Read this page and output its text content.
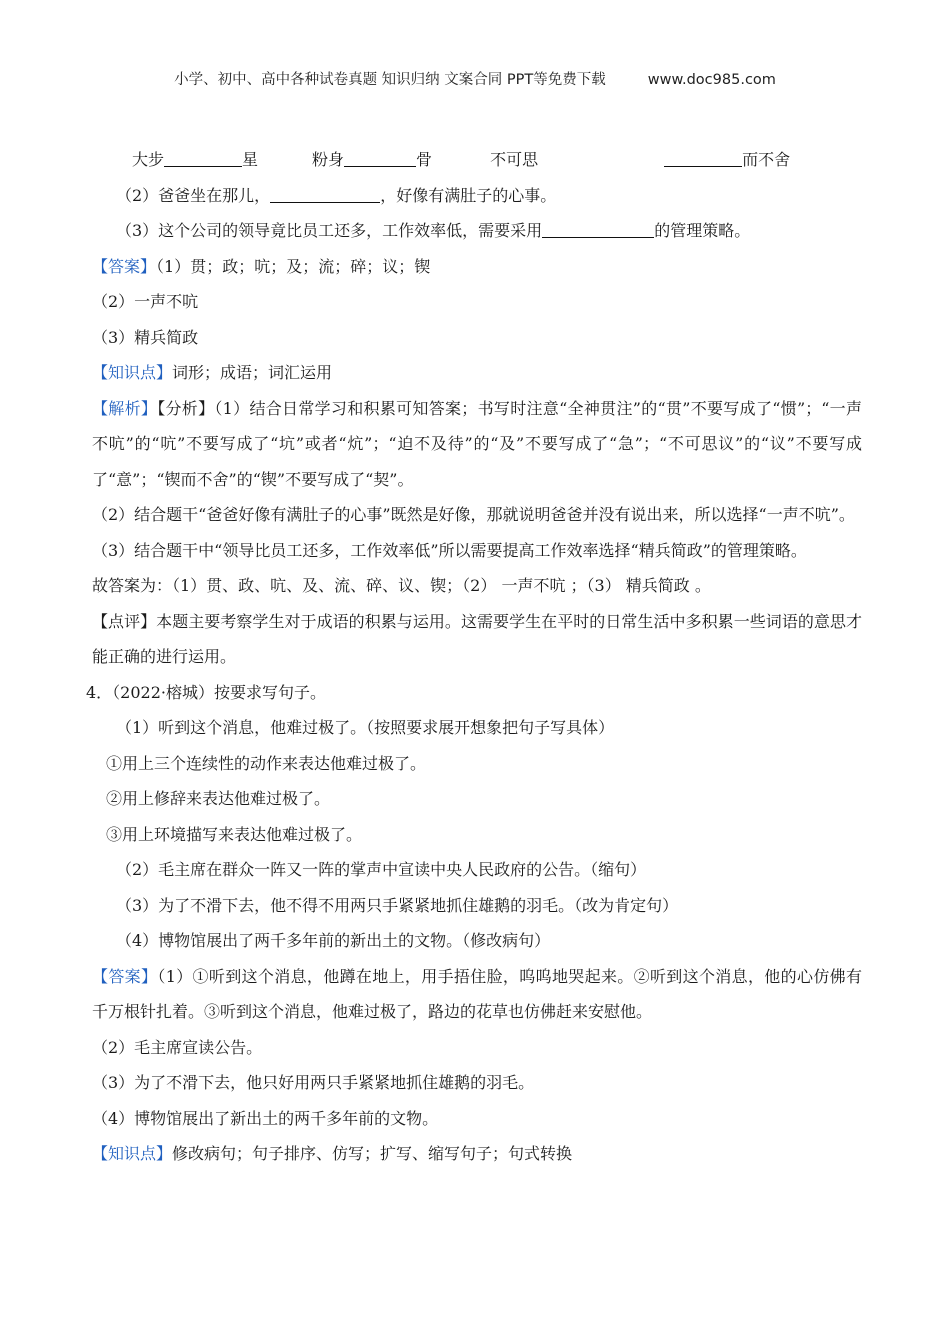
小学、初中、高中各种试卷真题 知识归纳 文案合同 PPT等免费下载	www.doc985.com
大步	星	粉身	骨	不可思	而不舍
（2）爸爸坐在那儿，	，好像有满肚子的心事。
（3）这个公司的领导竟比员工还多，工作效率低，需要采用	的管理策略。
【答案】（1）贯；政；吭；及；流；碎；议；锲
（2）一声不吭
（3）精兵简政
【知识点】词形；成语；词汇运用
【解析】【分析】（1）结合日常学习和积累可知答案；书写时注意“全神贯注”的“贯”不要写成了“惯”；“一声不吭”的“吭”不要写成了“坑”或者“炕”；“迫不及待”的“及”不要写成了“急”；“不可思议”的“议”不要写成了“意”；“锲而不舍”的“锲”不要写成了“契”。
（2）结合题干“爸爸好像有满肚子的心事”既然是好像，那就说明爸爸并没有说出来，所以选择“一声不吭”。
（3）结合题干中“领导比员工还多，工作效率低”所以需要提高工作效率选择“精兵简政”的管理策略。
故答案为：（1）贯、政、吭、及、流、碎、议、锲；（2） 一声不吭 ；（3） 精兵简政 。
【点评】本题主要考察学生对于成语的积累与运用。这需要学生在平时的日常生活中多积累一些词语的意思才能正确的进行运用。
4．（2022·榕城）按要求写句子。
（1）听到这个消息，他难过极了。（按照要求展开想象把句子写具体）
①用上三个连续性的动作来表达他难过极了。
②用上修辞来表达他难过极了。
③用上环境描写来表达他难过极了。
（2）毛主席在群众一阵又一阵的掌声中宣读中央人民政府的公告。（缩句）
（3）为了不滑下去，他不得不用两只手紧紧地抓住雄鹅的羽毛。（改为肯定句）
（4）博物馆展出了两千多年前的新出土的文物。（修改病句）
【答案】（1）①听到这个消息，他蹲在地上，用手捂住脸，呜呜地哭起来。②听到这个消息，他的心仿佛有千万根针扎着。③听到这个消息，他难过极了，路边的花草也仿佛赶来安慰他。
（2）毛主席宣读公告。
（3）为了不滑下去，他只好用两只手紧紧地抓住雄鹅的羽毛。
（4）博物馆展出了新出土的两千多年前的文物。
【知识点】修改病句；句子排序、仿写；扩写、缩写句子；句式转换
